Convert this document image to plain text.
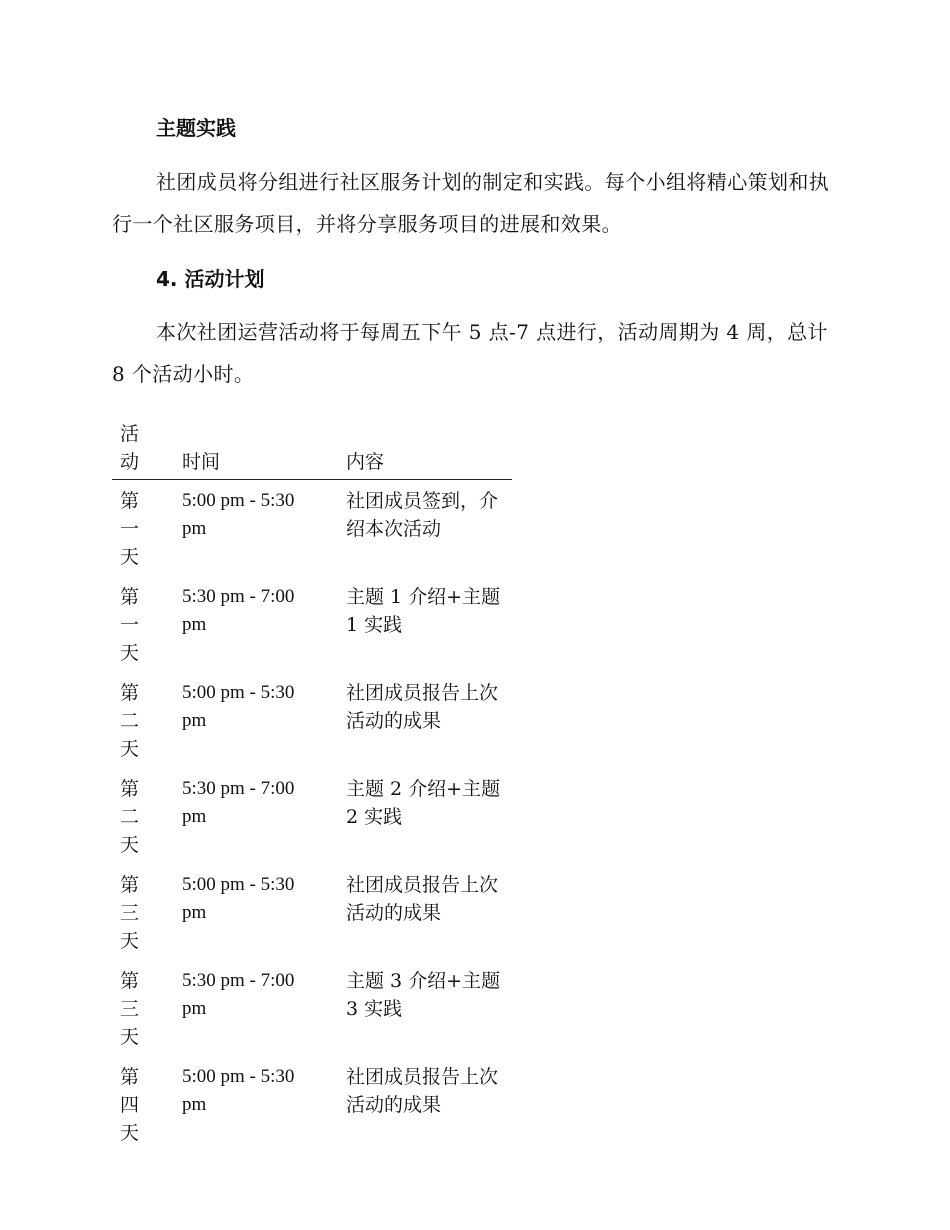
主题实践

社团成员将分组进行社区服务计划的制定和实践。每个小组将精心策划和执行一个社区服务项目，并将分享服务项目的进展和效果。

4. 活动计划

本次社团运营活动将于每周五下午 5 点-7 点进行，活动周期为 4 周，总计 8 个活动小时。

活动	时间	内容

第一天	5:00 pm - 5:30 pm	社团成员签到，介绍本次活动

第一天	5:30 pm - 7:00 pm	主题 1 介绍+主题 1 实践

第二天	5:00 pm - 5:30 pm	社团成员报告上次活动的成果

第二天	5:30 pm - 7:00 pm	主题 2 介绍+主题 2 实践

第三天	5:00 pm - 5:30 pm	社团成员报告上次活动的成果

第三天	5:30 pm - 7:00 pm	主题 3 介绍+主题 3 实践

第四天	5:00 pm - 5:30 pm	社团成员报告上次活动的成果
